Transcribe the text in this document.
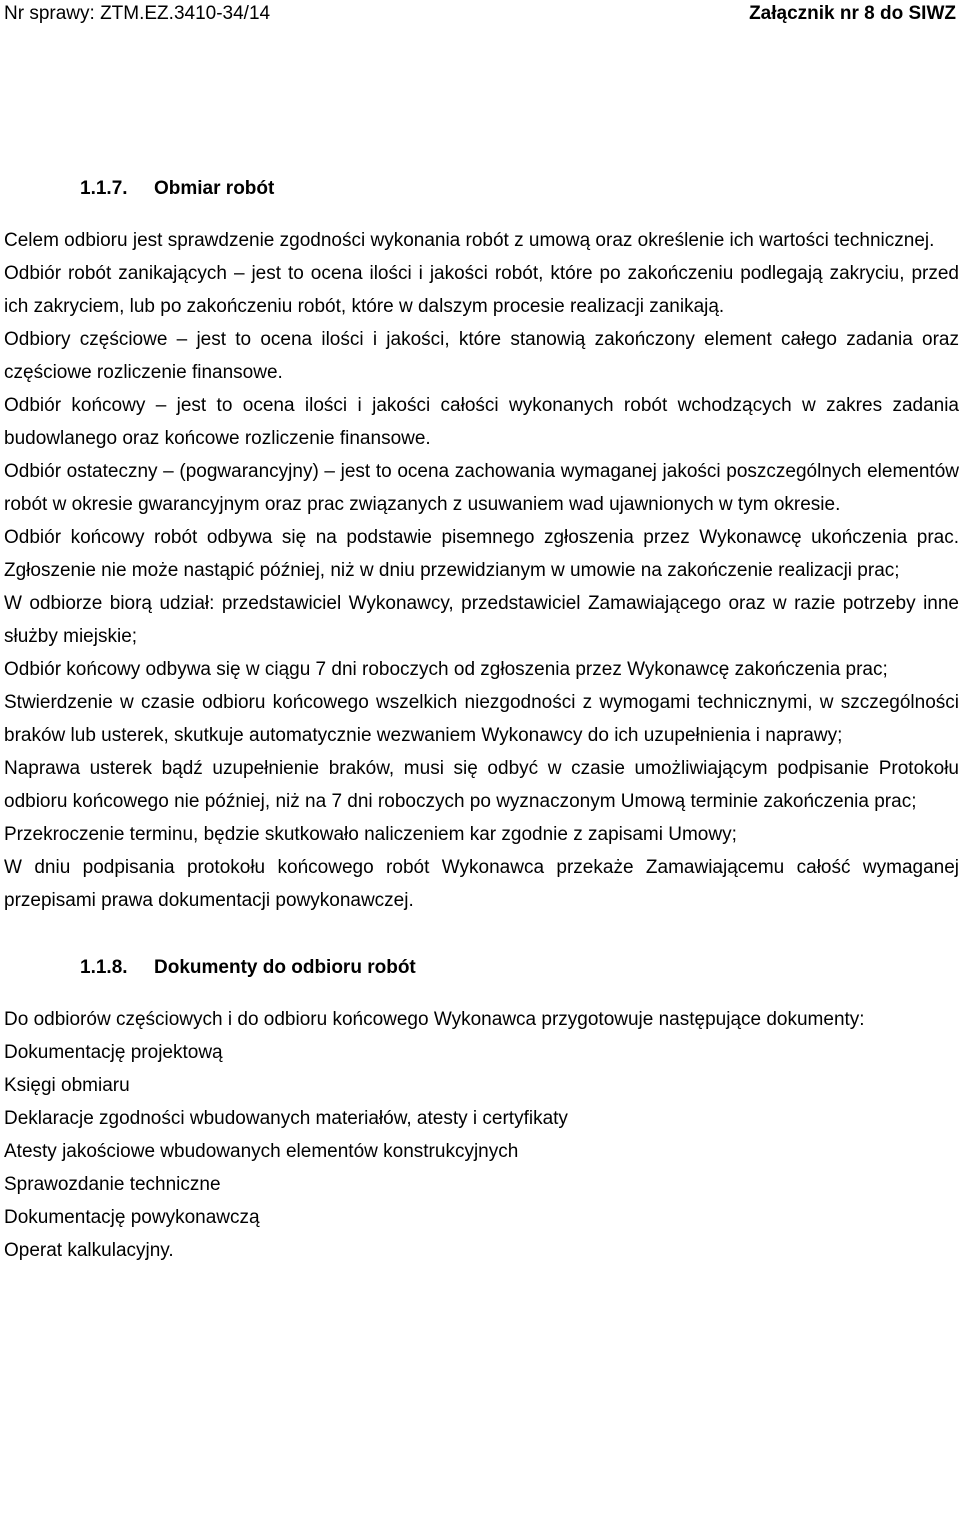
Nr sprawy: ZTM.EZ.3410-34/14	Załącznik nr 8 do SIWZ
1.1.7. Obmiar robót

Celem odbioru jest sprawdzenie zgodności wykonania robót z umową oraz określenie ich wartości technicznej.

Odbiór robót zanikających – jest to ocena ilości i jakości robót, które po zakończeniu podlegają zakryciu, przed ich zakryciem, lub po zakończeniu robót, które w dalszym procesie realizacji zanikają.

Odbiory częściowe – jest to ocena ilości i jakości, które stanowią zakończony element całego zadania oraz częściowe rozliczenie finansowe.

Odbiór końcowy – jest to ocena ilości i jakości całości wykonanych robót wchodzących w zakres zadania budowlanego oraz końcowe rozliczenie finansowe.

Odbiór ostateczny – (pogwarancyjny) – jest to ocena zachowania wymaganej jakości poszczególnych elementów robót w okresie gwarancyjnym oraz prac związanych z usuwaniem wad ujawnionych w tym okresie.

Odbiór końcowy robót odbywa się na podstawie pisemnego zgłoszenia przez Wykonawcę ukończenia prac. Zgłoszenie nie może nastąpić później, niż w dniu przewidzianym w umowie na zakończenie realizacji prac;

W odbiorze biorą udział: przedstawiciel Wykonawcy, przedstawiciel Zamawiającego oraz w razie potrzeby inne służby miejskie;

Odbiór końcowy odbywa się w ciągu 7 dni roboczych od zgłoszenia przez Wykonawcę zakończenia prac;

Stwierdzenie w czasie odbioru końcowego wszelkich niezgodności z wymogami technicznymi, w szczególności braków lub usterek, skutkuje automatycznie wezwaniem Wykonawcy do ich uzupełnienia i naprawy;

Naprawa usterek bądź uzupełnienie braków, musi się odbyć w czasie umożliwiającym podpisanie Protokołu odbioru końcowego nie później, niż na 7 dni roboczych po wyznaczonym Umową terminie zakończenia prac;

Przekroczenie terminu, będzie skutkowało naliczeniem kar zgodnie z zapisami Umowy;

W dniu podpisania protokołu końcowego robót Wykonawca przekaże Zamawiającemu całość wymaganej przepisami prawa dokumentacji powykonawczej.

1.1.8. Dokumenty do odbioru robót

Do odbiorów częściowych i do odbioru końcowego Wykonawca przygotowuje następujące dokumenty:

Dokumentację projektową

Księgi obmiaru

Deklaracje zgodności wbudowanych materiałów, atesty i certyfikaty

Atesty jakościowe wbudowanych elementów konstrukcyjnych

Sprawozdanie techniczne

Dokumentację powykonawczą

Operat kalkulacyjny.
